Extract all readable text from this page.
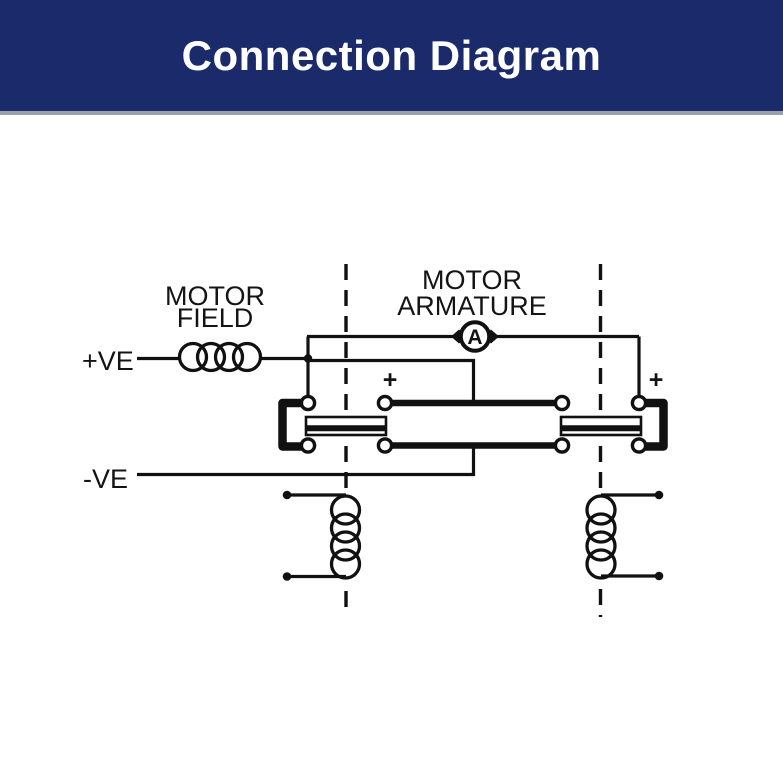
Connection Diagram
A
MOTOR
FIELD
MOTOR
ARMATURE
+VE
-VE
+	+
